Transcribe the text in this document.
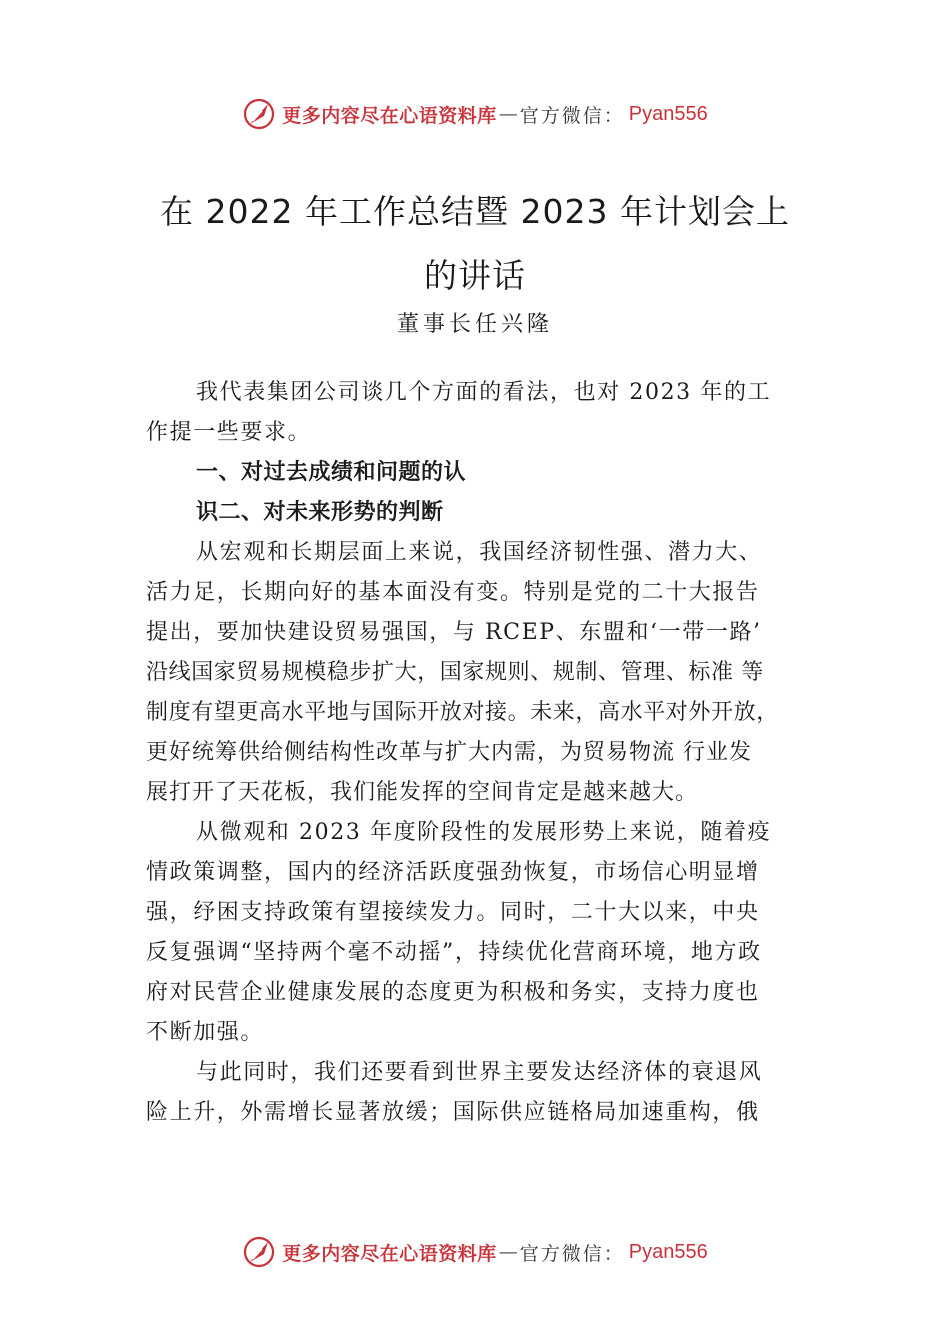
更多内容尽在心语资料库 — 官方微信： Pyan556
在 2022 年工作总结暨 2023 年计划会上
的讲话
董事长任兴隆
我代表集团公司谈几个方面的看法，也对 2023 年的工
作提一些要求。
一、对过去成绩和问题的认
识二、对未来形势的判断
从宏观和长期层面上来说，我国经济韧性强、潜力大、
活力足，长期向好的基本面没有变。特别是党的二十大报告
提出，要加快建设贸易强国，与 RCEP、东盟和‘一带一路’
沿线国家贸易规模稳步扩大，国家规则、规制、管理、标准 等
制度有望更高水平地与国际开放对接。未来，高水平对外开放，
更好统筹供给侧结构性改革与扩大内需，为贸易物流 行业发
展打开了天花板，我们能发挥的空间肯定是越来越大。
从微观和 2023 年度阶段性的发展形势上来说，随着疫
情政策调整，国内的经济活跃度强劲恢复，市场信心明显增
强，纾困支持政策有望接续发力。同时，二十大以来，中央
反复强调“坚持两个毫不动摇”，持续优化营商环境，地方政
府对民营企业健康发展的态度更为积极和务实，支持力度也
不断加强。
与此同时，我们还要看到世界主要发达经济体的衰退风
险上升，外需增长显著放缓；国际供应链格局加速重构，俄
更多内容尽在心语资料库 — 官方微信： Pyan556
